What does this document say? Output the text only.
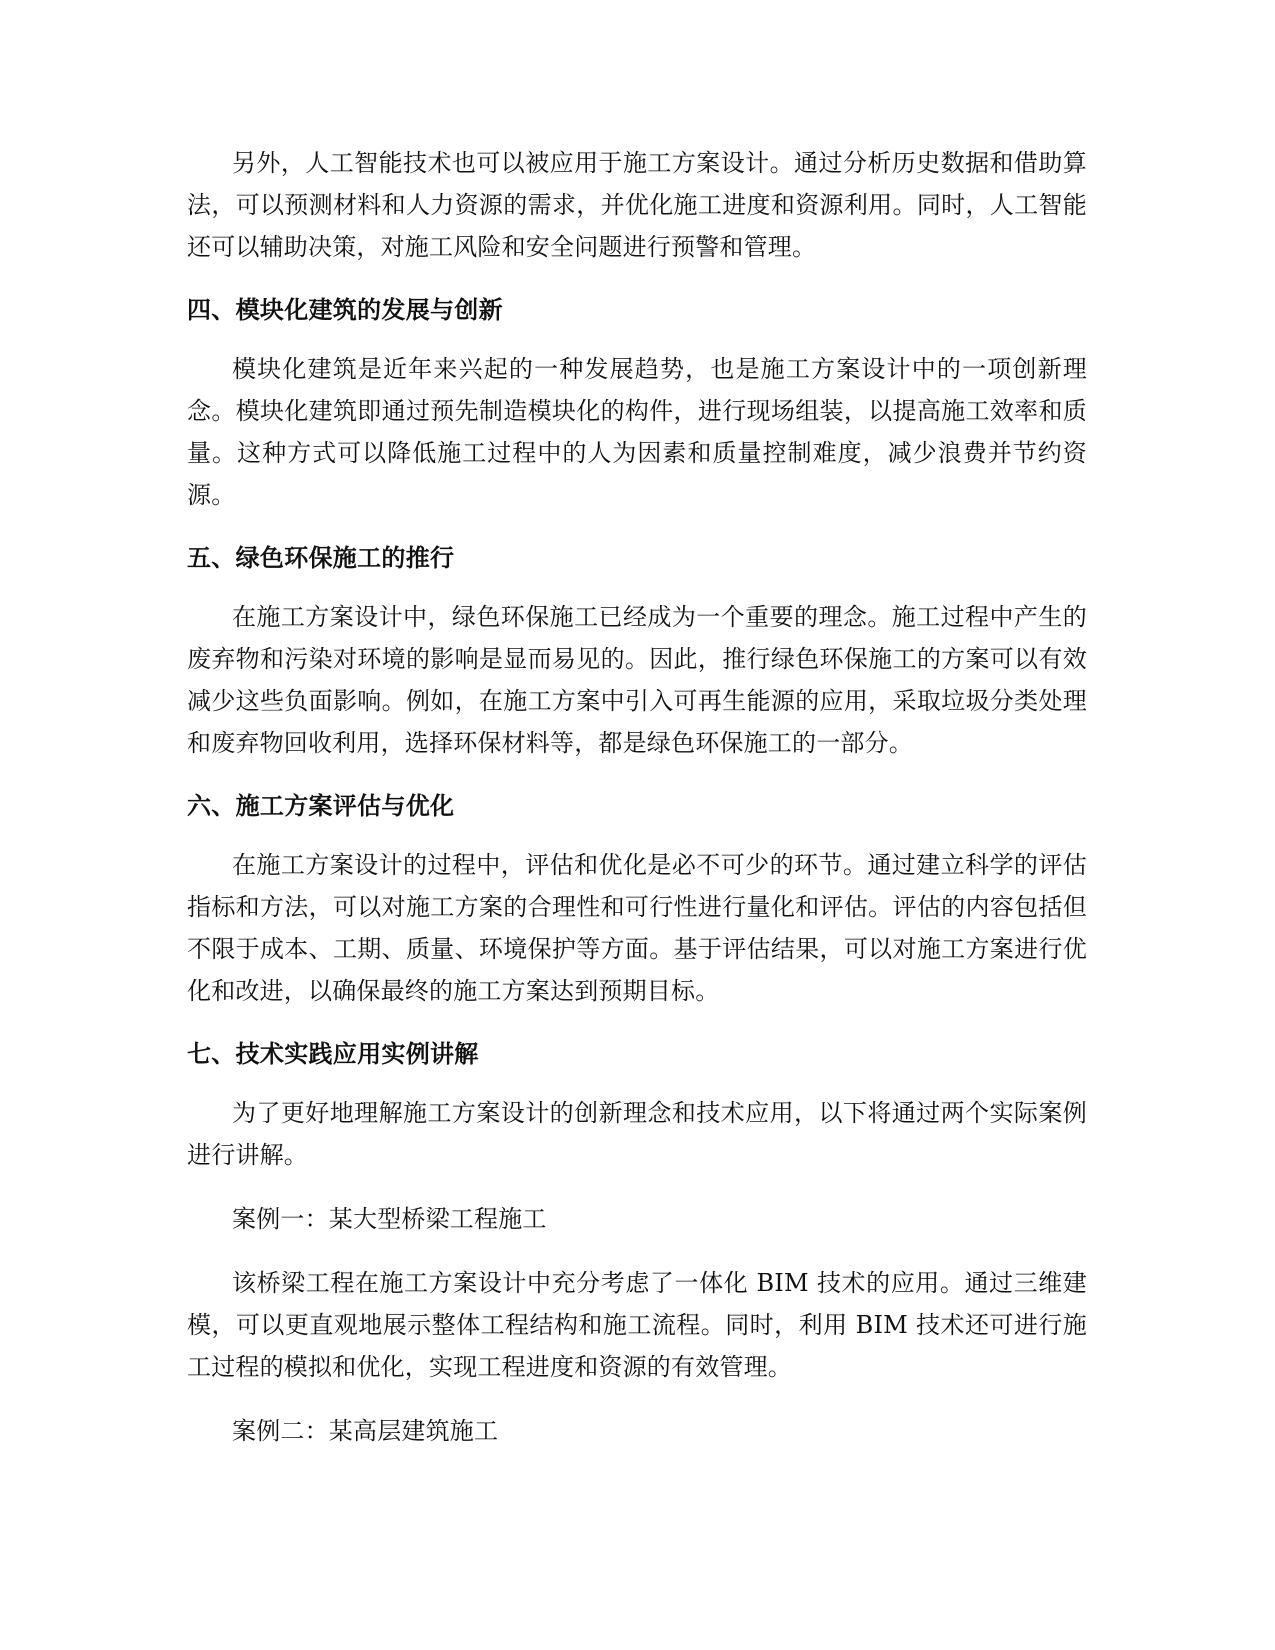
另外，人工智能技术也可以被应用于施工方案设计。通过分析历史数据和借助算法，可以预测材料和人力资源的需求，并优化施工进度和资源利用。同时，人工智能还可以辅助决策，对施工风险和安全问题进行预警和管理。

四、模块化建筑的发展与创新

模块化建筑是近年来兴起的一种发展趋势，也是施工方案设计中的一项创新理念。模块化建筑即通过预先制造模块化的构件，进行现场组装，以提高施工效率和质量。这种方式可以降低施工过程中的人为因素和质量控制难度，减少浪费并节约资源。

五、绿色环保施工的推行

在施工方案设计中，绿色环保施工已经成为一个重要的理念。施工过程中产生的废弃物和污染对环境的影响是显而易见的。因此，推行绿色环保施工的方案可以有效减少这些负面影响。例如，在施工方案中引入可再生能源的应用，采取垃圾分类处理和废弃物回收利用，选择环保材料等，都是绿色环保施工的一部分。

六、施工方案评估与优化

在施工方案设计的过程中，评估和优化是必不可少的环节。通过建立科学的评估指标和方法，可以对施工方案的合理性和可行性进行量化和评估。评估的内容包括但不限于成本、工期、质量、环境保护等方面。基于评估结果，可以对施工方案进行优化和改进，以确保最终的施工方案达到预期目标。

七、技术实践应用实例讲解

为了更好地理解施工方案设计的创新理念和技术应用，以下将通过两个实际案例进行讲解。

案例一：某大型桥梁工程施工

该桥梁工程在施工方案设计中充分考虑了一体化 BIM 技术的应用。通过三维建模，可以更直观地展示整体工程结构和施工流程。同时，利用 BIM 技术还可进行施工过程的模拟和优化，实现工程进度和资源的有效管理。

案例二：某高层建筑施工
